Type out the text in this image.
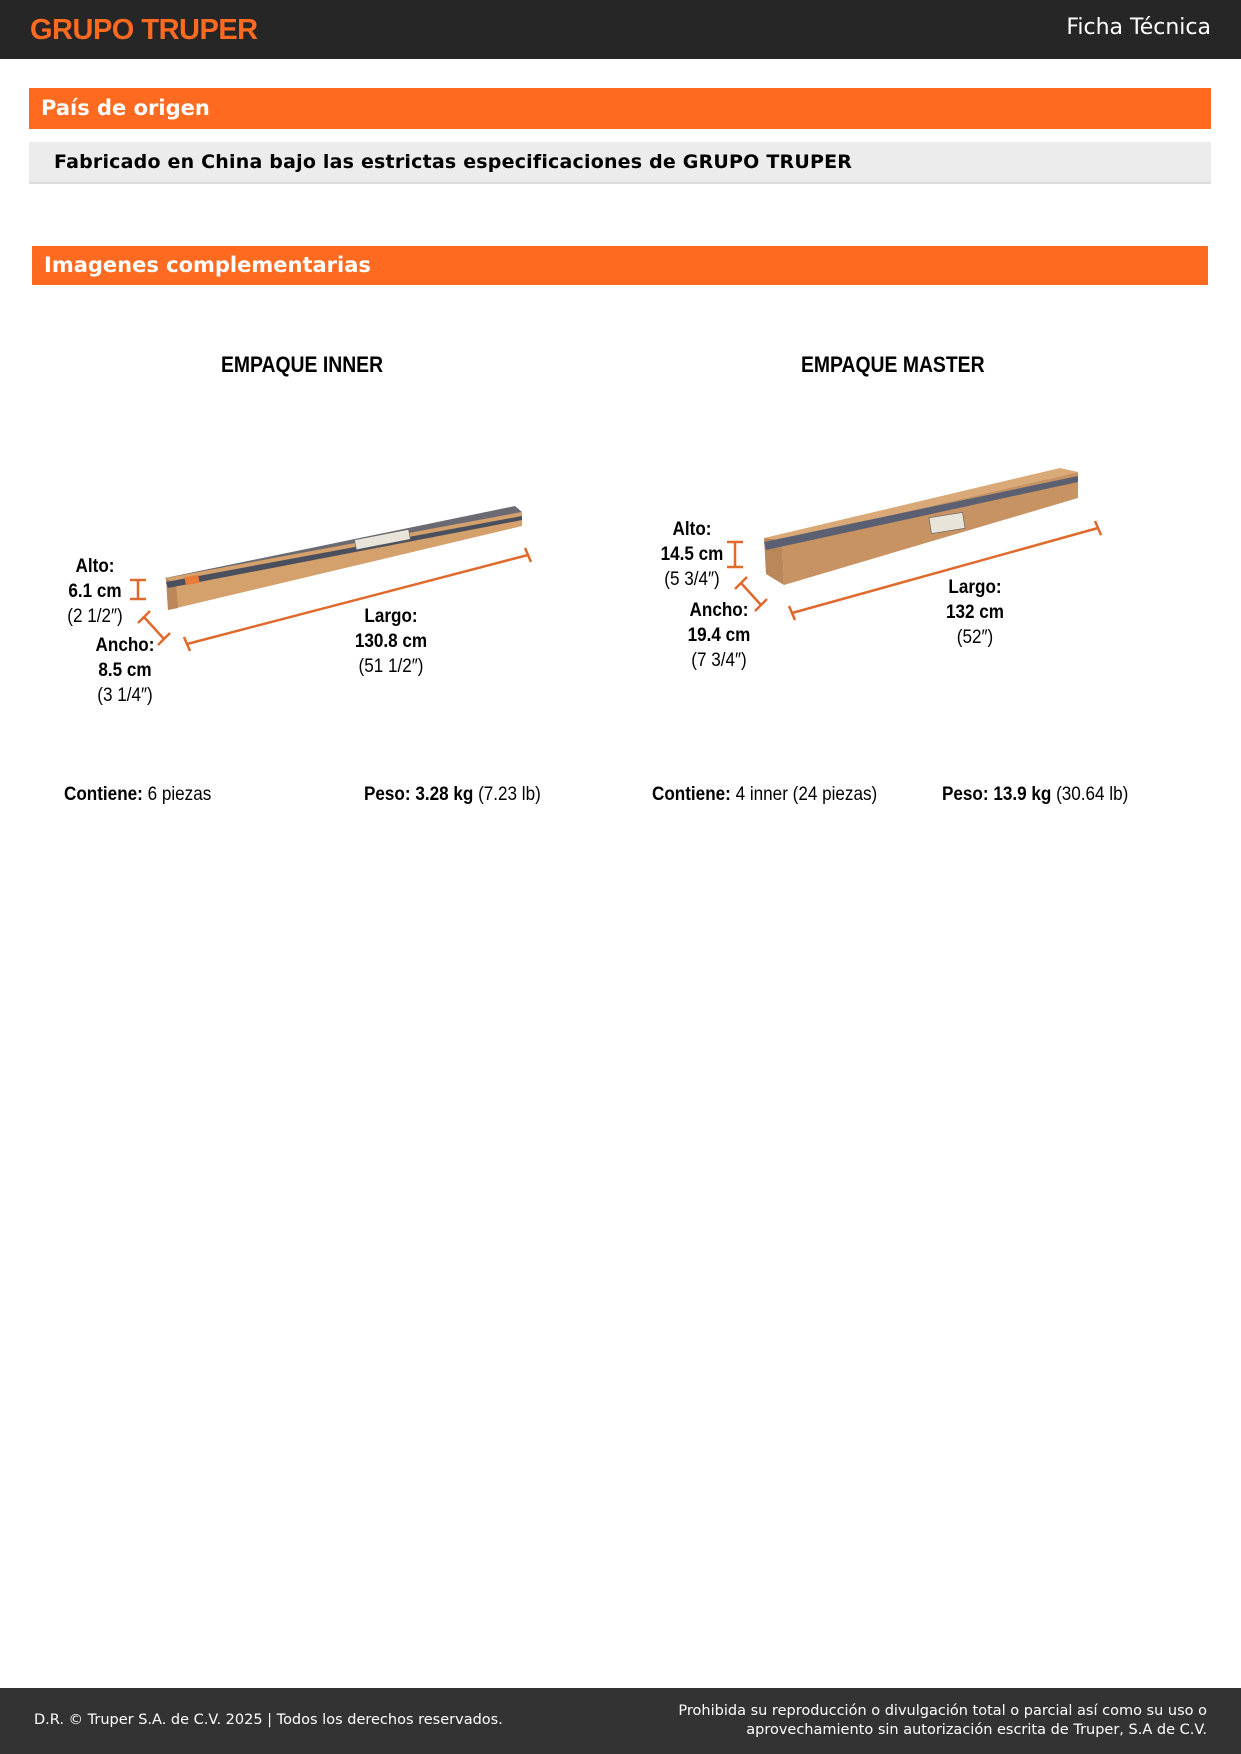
GRUPO TRUPER	Ficha Técnica
País de origen
Fabricado en China bajo las estrictas especificaciones de GRUPO TRUPER
Imagenes complementarias
EMPAQUE INNER
Alto:
6.1 cm
(2 1/2″)
Ancho:
8.5 cm
(3 1/4″)
Largo:
130.8 cm
(51 1/2″)
Contiene: 6 piezas	Peso: 3.28 kg (7.23 lb)
EMPAQUE MASTER
Alto:
14.5 cm
(5 3/4″)
Ancho:
19.4 cm
(7 3/4″)
Largo:
132 cm
(52″)
Contiene: 4 inner (24 piezas)	Peso: 13.9 kg (30.64 lb)
D.R. © Truper S.A. de C.V. 2025 | Todos los derechos reservados.
Prohibida su reproducción o divulgación total o parcial así como su uso o
aprovechamiento sin autorización escrita de Truper, S.A de C.V.
